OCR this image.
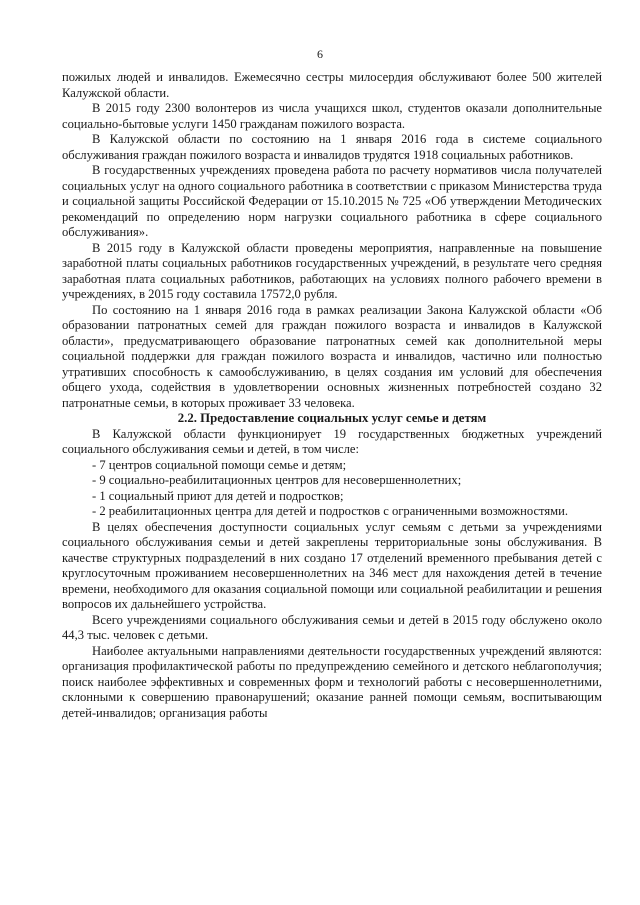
6

пожилых людей и инвалидов. Ежемесячно сестры милосердия обслуживают более 500 жителей Калужской области.

В 2015 году 2300 волонтеров из числа учащихся школ, студентов оказали дополнительные социально-бытовые услуги 1450 гражданам пожилого возраста.

В Калужской области по состоянию на 1 января 2016 года в системе социального обслуживания граждан пожилого возраста и инвалидов трудятся 1918 социальных работников.

В государственных учреждениях проведена работа по расчету нормативов числа получателей социальных услуг на одного социального работника в соответствии с приказом Министерства труда и социальной защиты Российской Федерации от 15.10.2015 № 725 «Об утверждении Методических рекомендаций по определению норм нагрузки социального работника в сфере социального обслуживания».

В 2015 году в Калужской области проведены мероприятия, направленные на повышение заработной платы социальных работников государственных учреждений, в результате чего средняя заработная плата социальных работников, работающих на условиях полного рабочего времени в учреждениях, в 2015 году составила 17572,0 рубля.

По состоянию на 1 января 2016 года в рамках реализации Закона Калужской области «Об образовании патронатных семей для граждан пожилого возраста и инвалидов в Калужской области», предусматривающего образование патронатных семей как дополнительной меры социальной поддержки для граждан пожилого возраста и инвалидов, частично или полностью утративших способность к самообслуживанию, в целях создания им условий для обеспечения общего ухода, содействия в удовлетворении основных жизненных потребностей создано 32 патронатные семьи, в которых проживает 33 человека.

2.2. Предоставление социальных услуг семье и детям

В Калужской области функционирует 19 государственных бюджетных учреждений социального обслуживания семьи и детей, в том числе:

- 7 центров социальной помощи семье и детям;

- 9 социально-реабилитационных центров для несовершеннолетних;

- 1 социальный приют для детей и подростков;

- 2 реабилитационных центра для детей и подростков с ограниченными возможностями.

В целях обеспечения доступности социальных услуг семьям с детьми за учреждениями социального обслуживания семьи и детей закреплены территориальные зоны обслуживания. В качестве структурных подразделений в них создано 17 отделений временного пребывания детей с круглосуточным проживанием несовершеннолетних на 346 мест для нахождения детей в течение времени, необходимого для оказания социальной помощи или социальной реабилитации и решения вопросов их дальнейшего устройства.

Всего учреждениями социального обслуживания семьи и детей в 2015 году обслужено около 44,3 тыс. человек с детьми.

Наиболее актуальными направлениями деятельности государственных учреждений являются: организация профилактической работы по предупреждению семейного и детского неблагополучия; поиск наиболее эффективных и современных форм и технологий работы с несовершеннолетними, склонными к совершению правонарушений; оказание ранней помощи семьям, воспитывающим детей-инвалидов; организация работы
